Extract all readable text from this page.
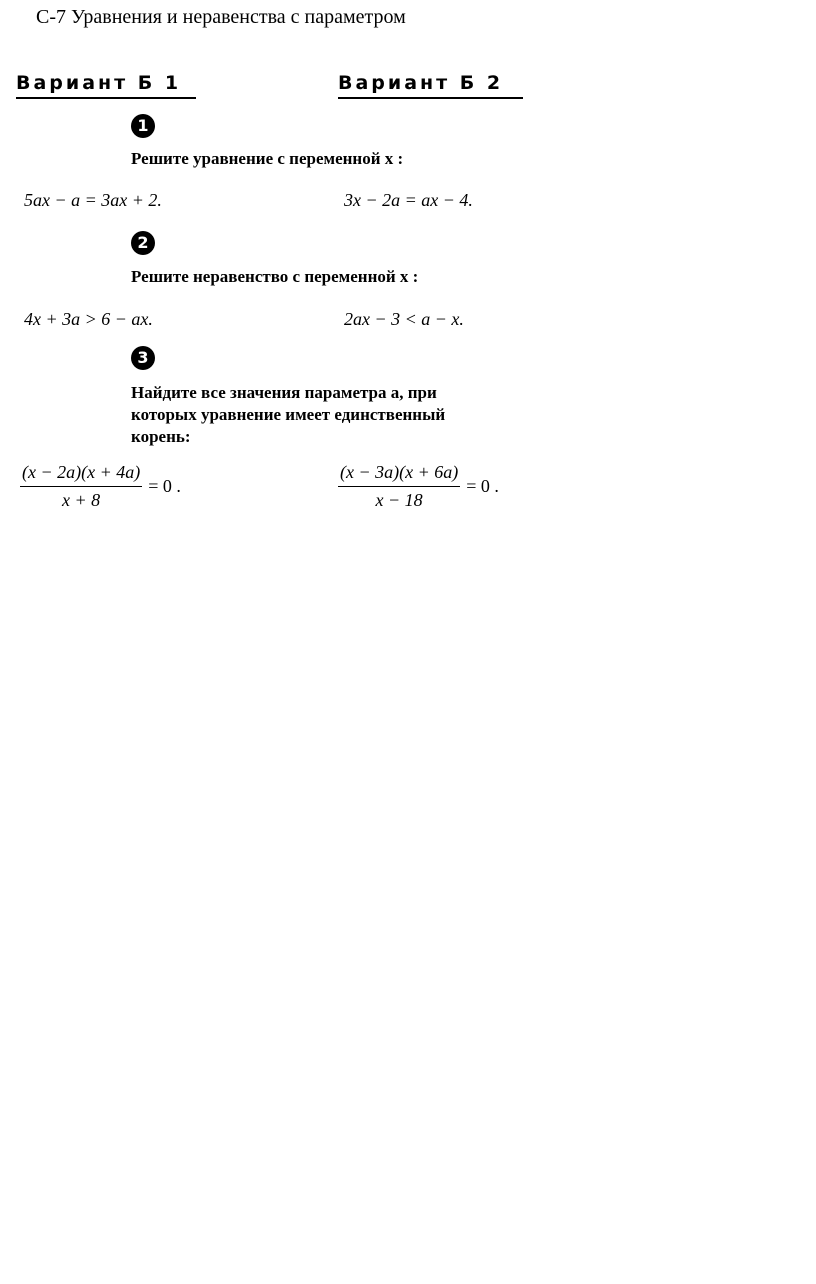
С-7 Уравнения и неравенства с параметром
Вариант Б 1	Вариант Б 2
1
Решите уравнение с переменной x :
5ax − a = 3ax + 2.	3x − 2a = ax − 4.
2
Решите неравенство с переменной x :
4x + 3a > 6 − ax.	2ax − 3 < a − x.
3
Найдите все значения параметра a, при которых уравнение имеет единственный корень:
$\frac{(x - 2a)(x + 4a)}{x + 8} = 0$ .	$\frac{(x - 3a)(x + 6a)}{x - 18} = 0$ .
